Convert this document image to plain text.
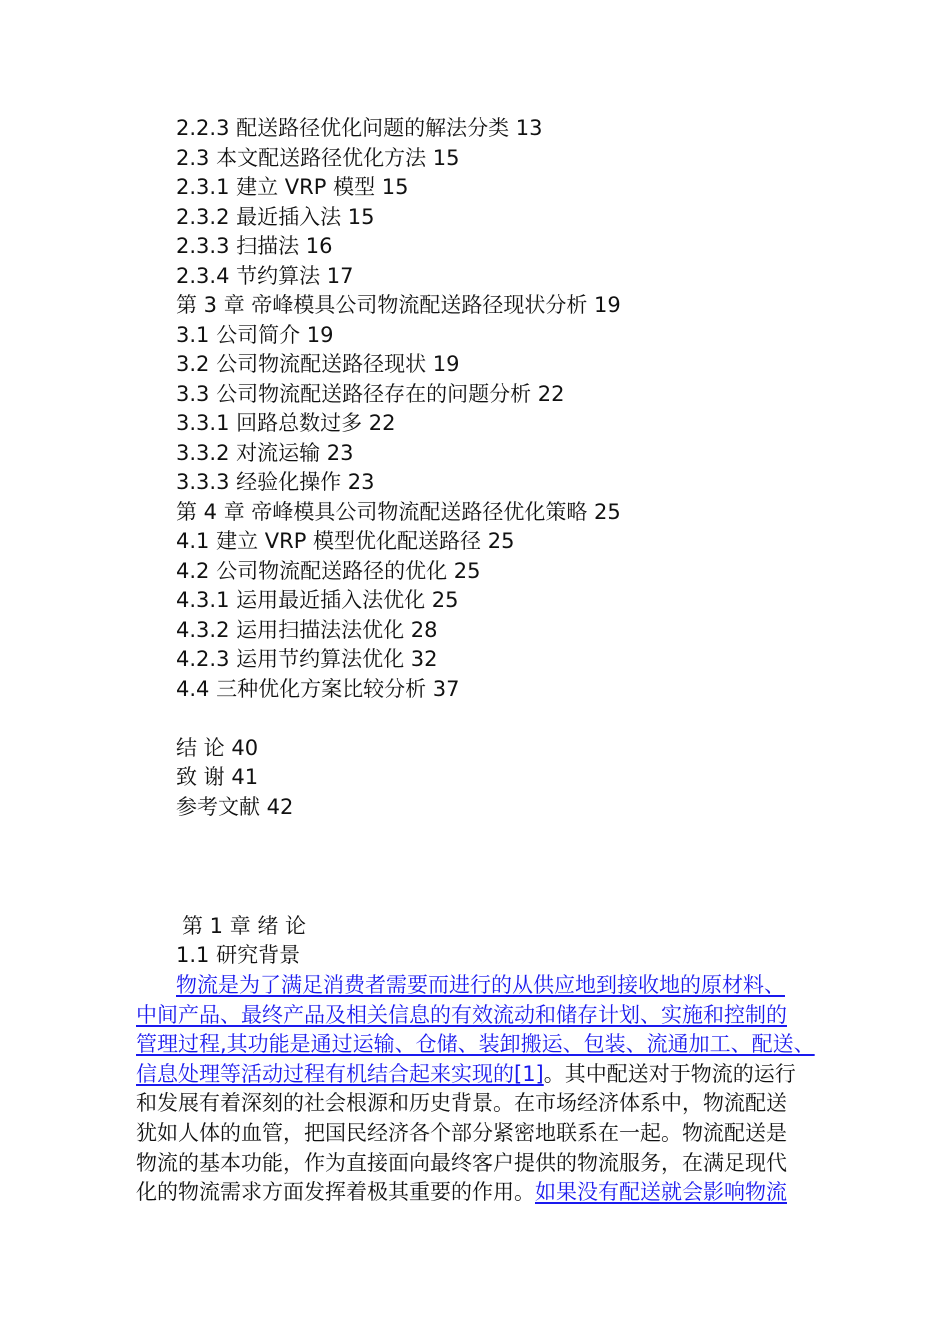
2.2.3 配送路径优化问题的解法分类 13
2.3 本文配送路径优化方法 15
2.3.1 建立 VRP 模型 15
2.3.2 最近插入法 15
2.3.3 扫描法 16
2.3.4 节约算法 17
第 3 章 帝峰模具公司物流配送路径现状分析 19
3.1 公司简介 19
3.2 公司物流配送路径现状 19
3.3 公司物流配送路径存在的问题分析 22
3.3.1 回路总数过多 22
3.3.2 对流运输 23
3.3.3 经验化操作 23
第 4 章 帝峰模具公司物流配送路径优化策略 25
4.1 建立 VRP 模型优化配送路径 25
4.2 公司物流配送路径的优化 25
4.3.1 运用最近插入法优化 25
4.3.2 运用扫描法法优化 28
4.2.3 运用节约算法优化 32
4.4 三种优化方案比较分析 37
结 论 40
致 谢 41
参考文献 42
第 1 章 绪 论
1.1 研究背景
物流是为了满足消费者需要而进行的从供应地到接收地的原材料、
中间产品、最终产品及相关信息的有效流动和储存计划、实施和控制的
管理过程,其功能是通过运输、仓储、装卸搬运、包装、流通加工、配送、
信息处理等活动过程有机结合起来实现的[1]。其中配送对于物流的运行
和发展有着深刻的社会根源和历史背景。在市场经济体系中，物流配送
犹如人体的血管，把国民经济各个部分紧密地联系在一起。物流配送是
物流的基本功能，作为直接面向最终客户提供的物流服务，在满足现代
化的物流需求方面发挥着极其重要的作用。如果没有配送就会影响物流
